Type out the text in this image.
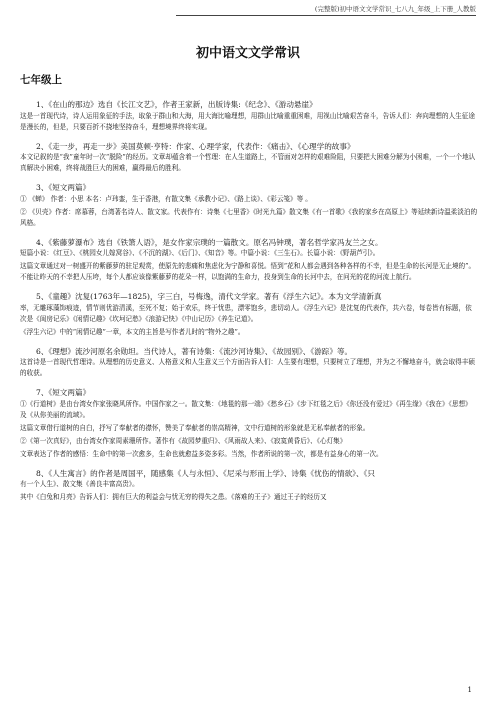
(完整版)初中语文文学常识_七八九_年级_上下册_人教版
初中语文文学常识
七年级上

1、《在山的那边》选自《长江文艺》，作者王家新，出版诗集:《纪念》、《游动悬崖》

这是一首现代诗，诗人运用象征的手法，取象于群山和大海，用大海比喻理想，用群山比喻重重困难，用视山比喻艰苦奋斗，告诉人们：奔向理想的人生征途是漫长的，但是，只要百折不挠地坚持奋斗，理想境界终将实现。

2、《走一步，再走一步》美国莫顿·亨特：作家、心理学家，代表作：《痛击》、《心理学的故事》

本文记叙的是“我”童年时一次“脱险”的经历。文章却蕴含着一个哲理：在人生道路上，不管面对怎样的艰难险阻，只要把大困难分解为小困难，一个一个地认真解决小困难，终将战胜巨大的困难，赢得最后的胜利。

3、《短文两篇》

① 《蝉》 作者：小思 本名：卢玮銮，生于香港，有散文集《承教小记》、《路上谈》、《彩云笺》等 。

② 《贝壳》作者：席慕蓉，台湾著名诗人、散文家。代表作有：诗集《七里香》《时光九篇》散文集《有一首歌》《我的家乡在高原上》等延续新诗温柔淡泊的风格。

4、《紫藤萝瀑布》选自《铁箫人语》，是女作家宗璞的一篇散文。原名冯钟璞，著名哲学家冯友兰之女。

短篇小说：《红豆》、《桃园女儿嫁窝谷》、《不沉的湖》、《后门》、《知音》等。中篇小说：《三生石》。长篇小说：《野葫芦引》。

这篇文章通过对一树盛开的紫藤萝的驻足观赏，使原先的悲痛和焦虑化为宁静和喜悦。悟到“花和人都会遇到各种各样的不幸，但是生命的长河是无止境的”。不能让昨天的不幸把人压垮，每个人都应该像紫藤萝的花朵一样，以饱满的生命力，投身到生命的长河中去，在问光的花的河流上航行。

5、《童趣》沈复(1763年—1825)，字三白，号梅逸，清代文学家。著有《浮生六记》。本为文学清新真

率，无雕琢藻饰痕迹，情节则优游清溪，至死不复；始于欢乐，终于忧患，漂零饱乡，悲切动人。《浮生六记》是沈复的代表作，共六卷，每卷皆有标题，依次是《闺房记乐》《闲情记趣》《坎坷记愁》《浪游记快》《中山记历》《养生记道》。

《浮生六记》中的“闲情记趣”一章，本文的主旨是写作者儿时的“物外之趣”。

6、《理想》流沙河原名余勋坦。当代诗人，著有诗集：《流沙河诗集》、《故园别》、《游踪》等。

这首诗是一首现代哲理诗。从理想的历史意义、人格意义和人生意义三个方面告诉人们：人生要有理想，只要树立了理想，并为之不懈地奋斗，就会取得丰硕的收获。

7、《短文两篇》

①《行道树》是由台湾女作家张晓风所作。中国作家之一。散文集：《地毯的那一端》《愁乡石》《步下红毯之后》《你还没有爱过》《再生缘》《我在》《思想》及《从你美丽的流域》。

这篇文章借行道树的自白，抒写了奉献者的襟怀，赞美了奉献者的崇高精神，文中行道树的形象就是无私奉献者的形象。

②《第一次真好》，由台湾女作家周素珊所作。著作有《故园梦重归》、《风雨故人来》、《寂寞黄昏后》、《心灯集》

文章表达了作者的感悟：生命中的第一次愈多，生命也就愈益多姿多彩。当然，作者所说的第一次，都是有益身心的第一次。

8、《人生寓言》的作者是周国平，随感集《人与永恒》、《尼采与形而上学》、诗集《忧伤的情欲》、《只

有一个人生》、散文集《善良丰富高贵》。

其中《白兔和月亮》告诉人们：拥有巨大的利益会与忧无穷的得失之患。《落难的王子》通过王子的经历又

1
